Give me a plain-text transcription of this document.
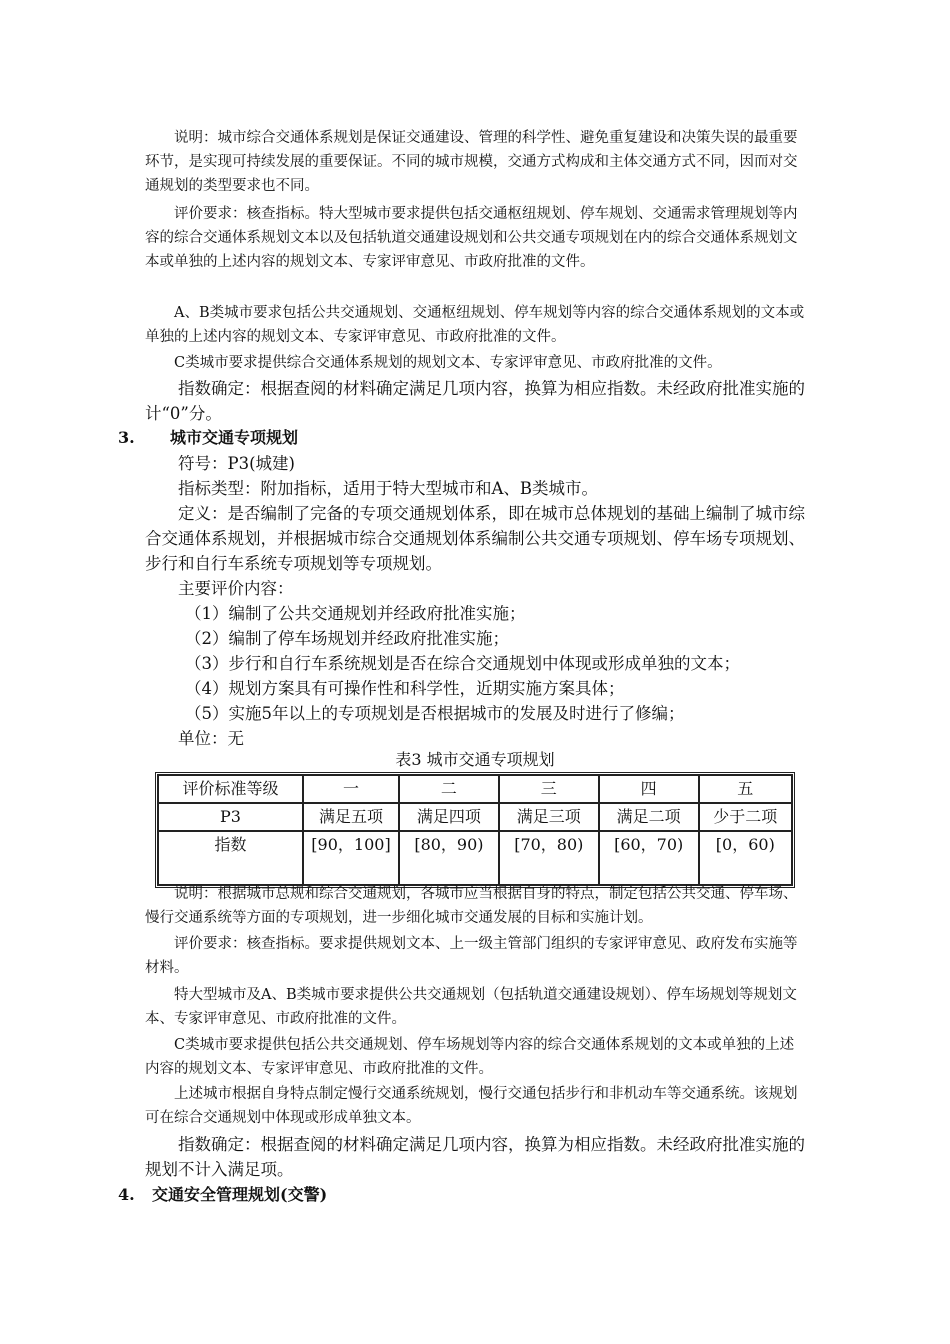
说明：城市综合交通体系规划是保证交通建设、管理的科学性、避免重复建设和决策失误的最重要环节，是实现可持续发展的重要保证。不同的城市规模，交通方式构成和主体交通方式不同，因而对交通规划的类型要求也不同。

评价要求：核查指标。特大型城市要求提供包括交通枢纽规划、停车规划、交通需求管理规划等内容的综合交通体系规划文本以及包括轨道交通建设规划和公共交通专项规划在内的综合交通体系规划文本或单独的上述内容的规划文本、专家评审意见、市政府批准的文件。

A、B类城市要求包括公共交通规划、交通枢纽规划、停车规划等内容的综合交通体系规划的文本或单独的上述内容的规划文本、专家评审意见、市政府批准的文件。

C类城市要求提供综合交通体系规划的规划文本、专家评审意见、市政府批准的文件。

指数确定：根据查阅的材料确定满足几项内容，换算为相应指数。未经政府批准实施的计“0”分。

3. 城市交通专项规划

符号：P3(城建)

指标类型：附加指标，适用于特大型城市和A、B类城市。

定义：是否编制了完备的专项交通规划体系，即在城市总体规划的基础上编制了城市综合交通体系规划，并根据城市综合交通规划体系编制公共交通专项规划、停车场专项规划、步行和自行车系统专项规划等专项规划。

主要评价内容：

（1）编制了公共交通规划并经政府批准实施；
（2）编制了停车场规划并经政府批准实施；
（3）步行和自行车系统规划是否在综合交通规划中体现或形成单独的文本；
（4）规划方案具有可操作性和科学性，近期实施方案具体；
（5）实施5年以上的专项规划是否根据城市的发展及时进行了修编；

单位：无

表3 城市交通专项规划

评价标准等级	一	二	三	四	五
P3	满足五项	满足四项	满足三项	满足二项	少于二项
指数	[90，100]	[80，90)	[70，80)	[60，70)	[0，60)

说明：根据城市总规和综合交通规划，各城市应当根据自身的特点，制定包括公共交通、停车场、慢行交通系统等方面的专项规划，进一步细化城市交通发展的目标和实施计划。

评价要求：核查指标。要求提供规划文本、上一级主管部门组织的专家评审意见、政府发布实施等材料。

特大型城市及A、B类城市要求提供公共交通规划（包括轨道交通建设规划）、停车场规划等规划文本、专家评审意见、市政府批准的文件。

C类城市要求提供包括公共交通规划、停车场规划等内容的综合交通体系规划的文本或单独的上述内容的规划文本、专家评审意见、市政府批准的文件。

上述城市根据自身特点制定慢行交通系统规划，慢行交通包括步行和非机动车等交通系统。该规划可在综合交通规划中体现或形成单独文本。

指数确定：根据查阅的材料确定满足几项内容，换算为相应指数。未经政府批准实施的规划不计入满足项。

4. 交通安全管理规划(交警)
